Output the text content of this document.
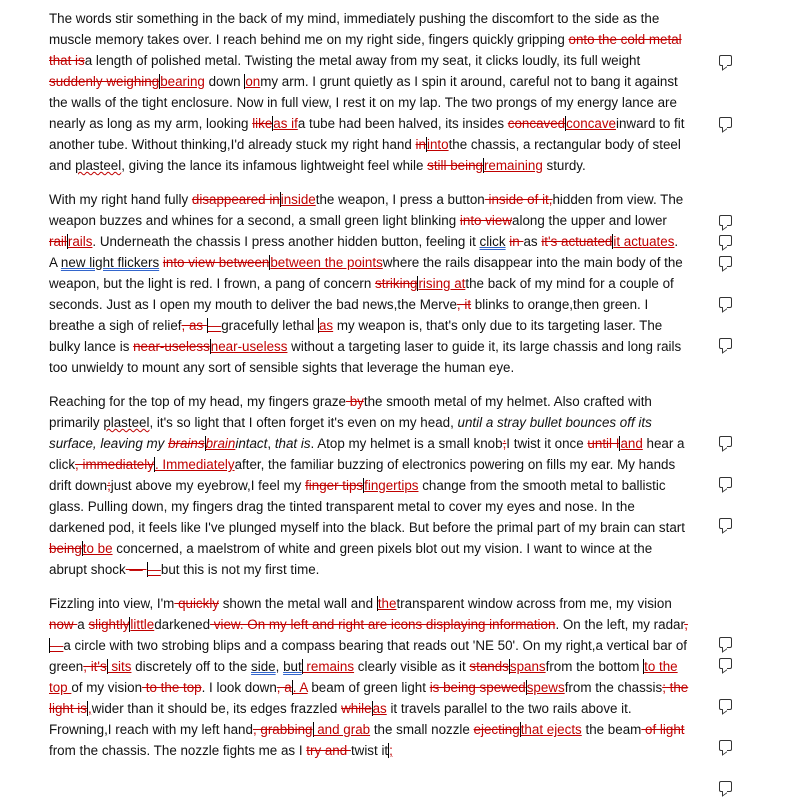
The words stir something in the back of my mind, immediately pushing the discomfort to the side as the muscle memory takes over. I reach behind me on my right side, fingers quickly gripping onto the cold metal that isa length of polished metal. Twisting the metal away from my seat, it clicks loudly, its full weight suddenly weighingbearing down onmy arm. I grunt quietly as I spin it around, careful not to bang it against the walls of the tight enclosure. Now in full view, I rest it on my lap. The two prongs of my energy lance are nearly as long as my arm, looking likeas ifa tube had been halved, its insides concavedconcaveinward to fit another tube. Without thinking,I'd already stuck my right hand inintothe chassis, a rectangular body of steel and plasteel, giving the lance its infamous lightweight feel while still beingremaining sturdy.

With my right hand fully disappeared ininsidethe weapon, I press a button inside of it,hidden from view. The weapon buzzes and whines for a second, a small green light blinking into viewalong the upper and lower railrails. Underneath the chassis I press another hidden button, feeling it click in as it's actuatedit actuates. A new light flickers into view betweenbetween the pointswhere the rails disappear into the main body of the weapon, but the light is red. I frown, a pang of concern strikingrising atthe back of my mind for a couple of seconds. Just as I open my mouth to deliver the bad news,the Merve, it blinks to orange,then green. I breathe a sigh of relief, as —gracefully lethal as my weapon is, that's only due to its targeting laser. The bulky lance is near-uselessnear-useless without a targeting laser to guide it, its large chassis and long rails too unwieldy to mount any sort of sensible sights that leverage the human eye.

Reaching for the top of my head, my fingers graze bythe smooth metal of my helmet. Also crafted with primarily plasteel, it's so light that I often forget it's even on my head, until a stray bullet bounces off its surface, leaving my brainsbrainintact, that is. Atop my helmet is a small knob;I twist it once until Iand hear a click, immediately. Immediatelyafter, the familiar buzzing of electronics powering on fills my ear. My hands drift down;just above my eyebrow,I feel my finger tipsfingertips change from the smooth metal to ballistic glass. Pulling down, my fingers drag the tinted transparent metal to cover my eyes and nose. In the darkened pod, it feels like I've plunged myself into the black. But before the primal part of my brain can start beingto be concerned, a maelstrom of white and green pixels blot out my vision. I want to wince at the abrupt shock — —but this is not my first time.

Fizzling into view, I'm quickly shown the metal wall and thetransparent window across from me, my vision now a slightlylittledarkened view. On my left and right are icons displaying information. On the left, my radar, —a circle with two strobing blips and a compass bearing that reads out 'NE 50'. On my right,a vertical bar of green, it's sits discretely off to the side, but remains clearly visible as it standsspansfrom the bottom to the top of my vision to the top. I look down, a. A beam of green light is being spewedspewsfrom the chassis; the light is,wider than it should be, its edges frazzled whileas it travels parallel to the two rails above it. Frowning,I reach with my left hand, grabbing and grab the small nozzle ejectingthat ejects the beam of light from the chassis. The nozzle fights me as I try and twist it;
